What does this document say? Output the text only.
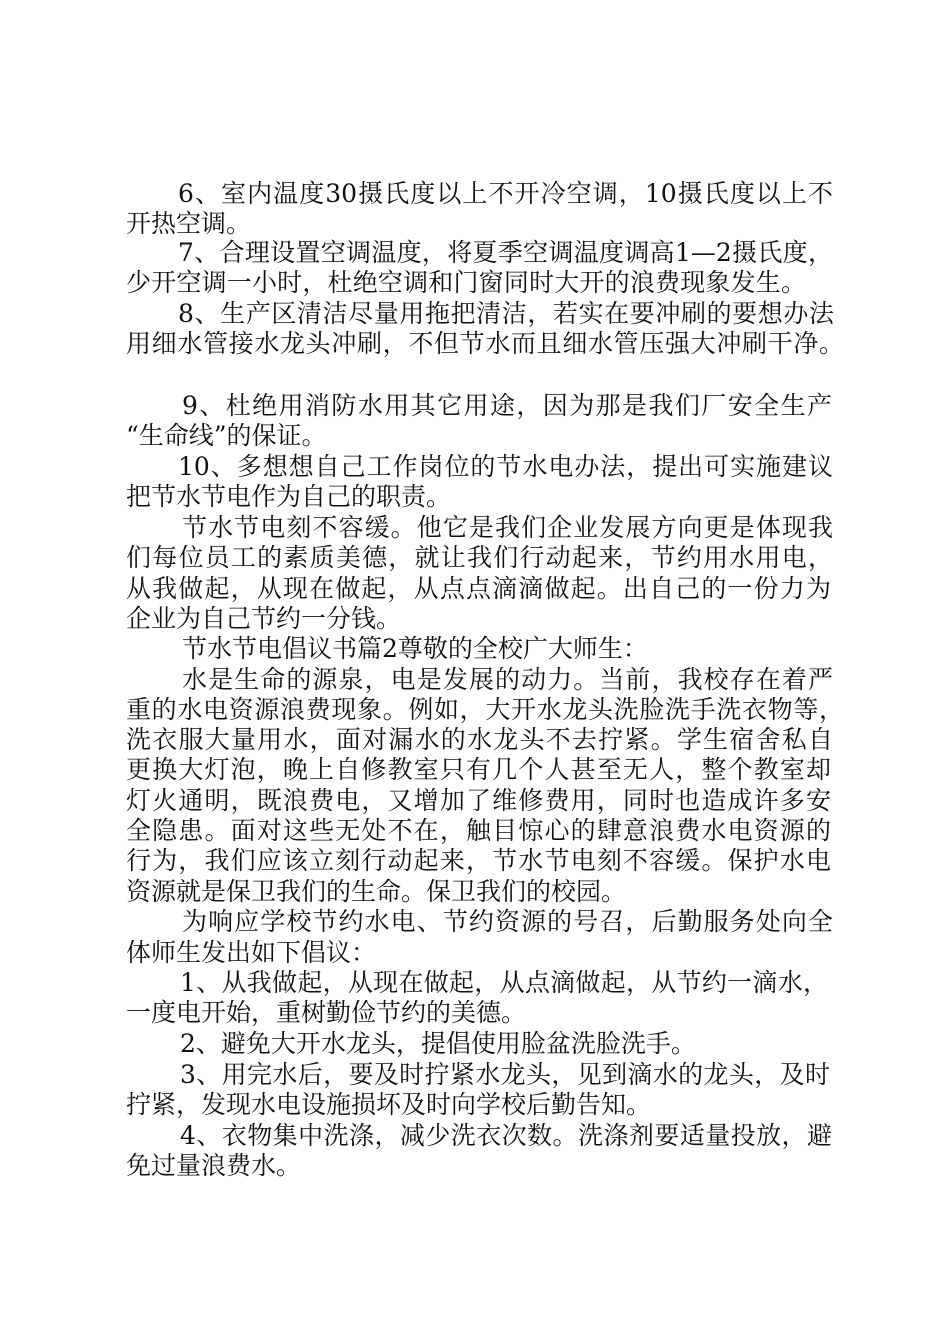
6、室内温度30摄氏度以上不开冷空调，10摄氏度以上不

开热空调。

7、合理设置空调温度，将夏季空调温度调高1—2摄氏度，

少开空调一小时，杜绝空调和门窗同时大开的浪费现象发生。

8、生产区清洁尽量用拖把清洁，若实在要冲刷的要想办法

用细水管接水龙头冲刷，不但节水而且细水管压强大冲刷干净。

9、杜绝用消防水用其它用途，因为那是我们厂安全生产

“生命线”的保证。

10、多想想自己工作岗位的节水电办法，提出可实施建议

把节水节电作为自己的职责。

节水节电刻不容缓。他它是我们企业发展方向更是体现我

们每位员工的素质美德，就让我们行动起来，节约用水用电，

从我做起，从现在做起，从点点滴滴做起。出自己的一份力为

企业为自己节约一分钱。

节水节电倡议书篇2尊敬的全校广大师生：

水是生命的源泉，电是发展的动力。当前，我校存在着严

重的水电资源浪费现象。例如，大开水龙头洗脸洗手洗衣物等，

洗衣服大量用水，面对漏水的水龙头不去拧紧。学生宿舍私自

更换大灯泡，晚上自修教室只有几个人甚至无人，整个教室却

灯火通明，既浪费电，又增加了维修费用，同时也造成许多安

全隐患。面对这些无处不在，触目惊心的肆意浪费水电资源的

行为，我们应该立刻行动起来，节水节电刻不容缓。保护水电

资源就是保卫我们的生命。保卫我们的校园。

为响应学校节约水电、节约资源的号召，后勤服务处向全

体师生发出如下倡议：

1、从我做起，从现在做起，从点滴做起，从节约一滴水，

一度电开始，重树勤俭节约的美德。

2、避免大开水龙头，提倡使用脸盆洗脸洗手。

3、用完水后，要及时拧紧水龙头，见到滴水的龙头，及时

拧紧，发现水电设施损坏及时向学校后勤告知。

4、衣物集中洗涤，减少洗衣次数。洗涤剂要适量投放，避

免过量浪费水。
